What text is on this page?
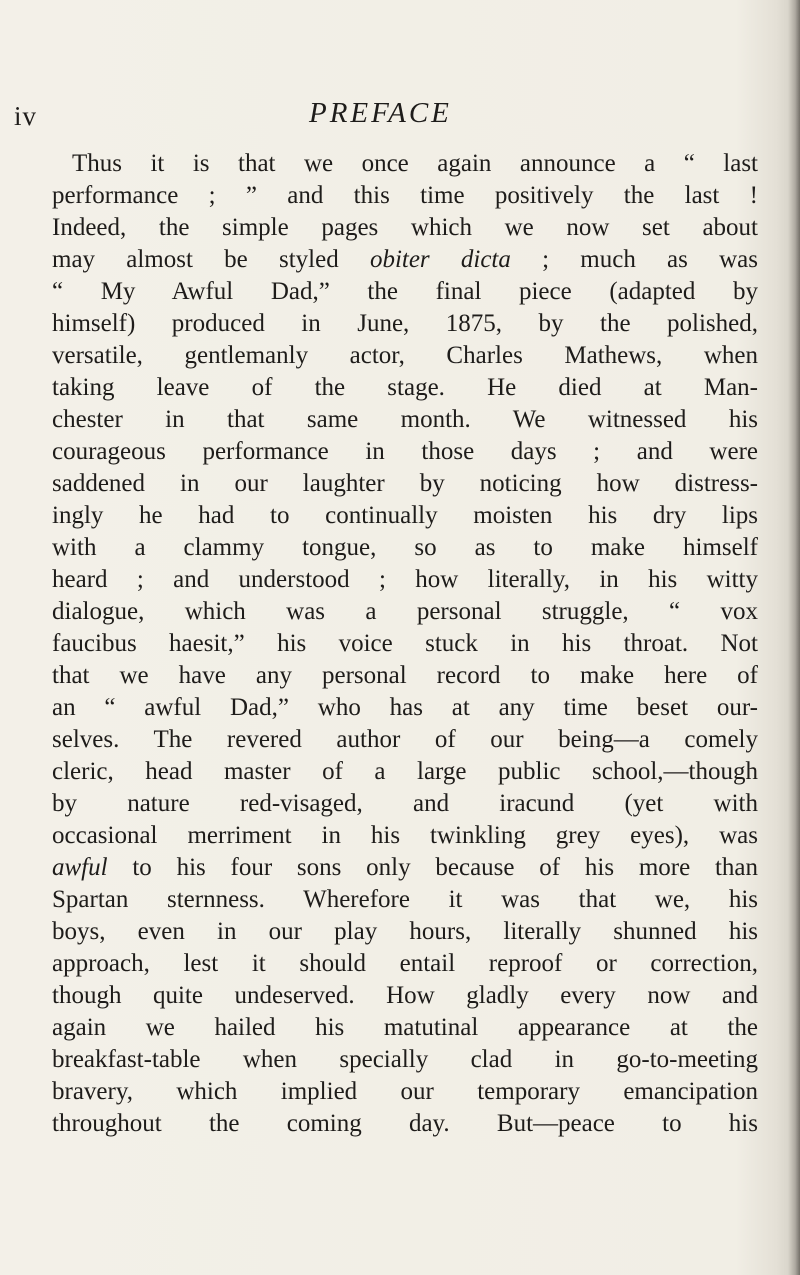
iv	PREFACE
Thus it is that we once again announce a “ last
performance ; ” and this time positively the last !
Indeed, the simple pages which we now set about
may almost be styled obiter dicta ; much as was
“ My Awful Dad,” the final piece (adapted by
himself) produced in June, 1875, by the polished,
versatile, gentlemanly actor, Charles Mathews, when
taking leave of the stage. He died at Man-
chester in that same month. We witnessed his
courageous performance in those days ; and were
saddened in our laughter by noticing how distress-
ingly he had to continually moisten his dry lips
with a clammy tongue, so as to make himself
heard ; and understood ; how literally, in his witty
dialogue, which was a personal struggle, “ vox
faucibus haesit,” his voice stuck in his throat. Not
that we have any personal record to make here of
an “ awful Dad,” who has at any time beset our-
selves. The revered author of our being—a comely
cleric, head master of a large public school,—though
by nature red-visaged, and iracund (yet with
occasional merriment in his twinkling grey eyes), was
awful to his four sons only because of his more than
Spartan sternness. Wherefore it was that we, his
boys, even in our play hours, literally shunned his
approach, lest it should entail reproof or correction,
though quite undeserved. How gladly every now and
again we hailed his matutinal appearance at the
breakfast-table when specially clad in go-to-meeting
bravery, which implied our temporary emancipation
throughout the coming day. But—peace to his
